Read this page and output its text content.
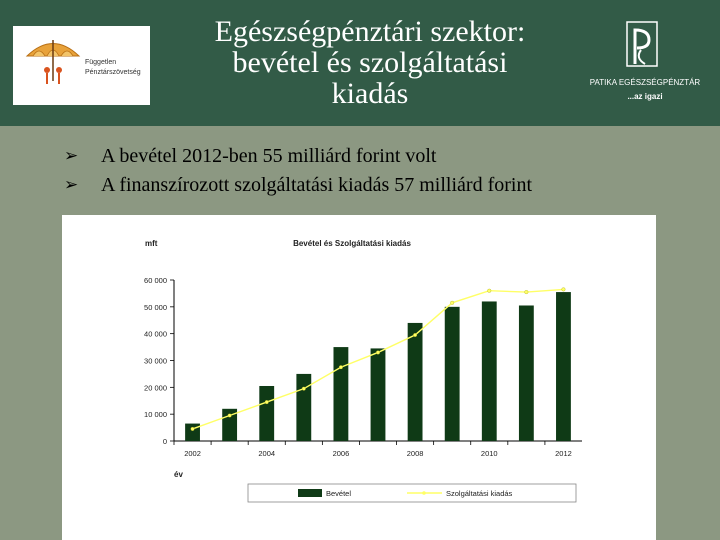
Független
Pénztárszövetség
Egészségpénztári szektor:
bevétel és szolgáltatási
kiadás	PATIKA EGÉSZSÉGPÉNZTÁR
...az igazi
➢ A bevétel 2012-ben 55 milliárd forint volt
➢ A finanszírozott szolgáltatási kiadás 57 milliárd forint
mft	Bevétel és Szolgáltatási kiadás
év
0
10 000
20 000
30 000
40 000
50 000
60 000
2002	2004	2006	2008	2010	2012
Bevétel	Szolgáltatási kiadás
